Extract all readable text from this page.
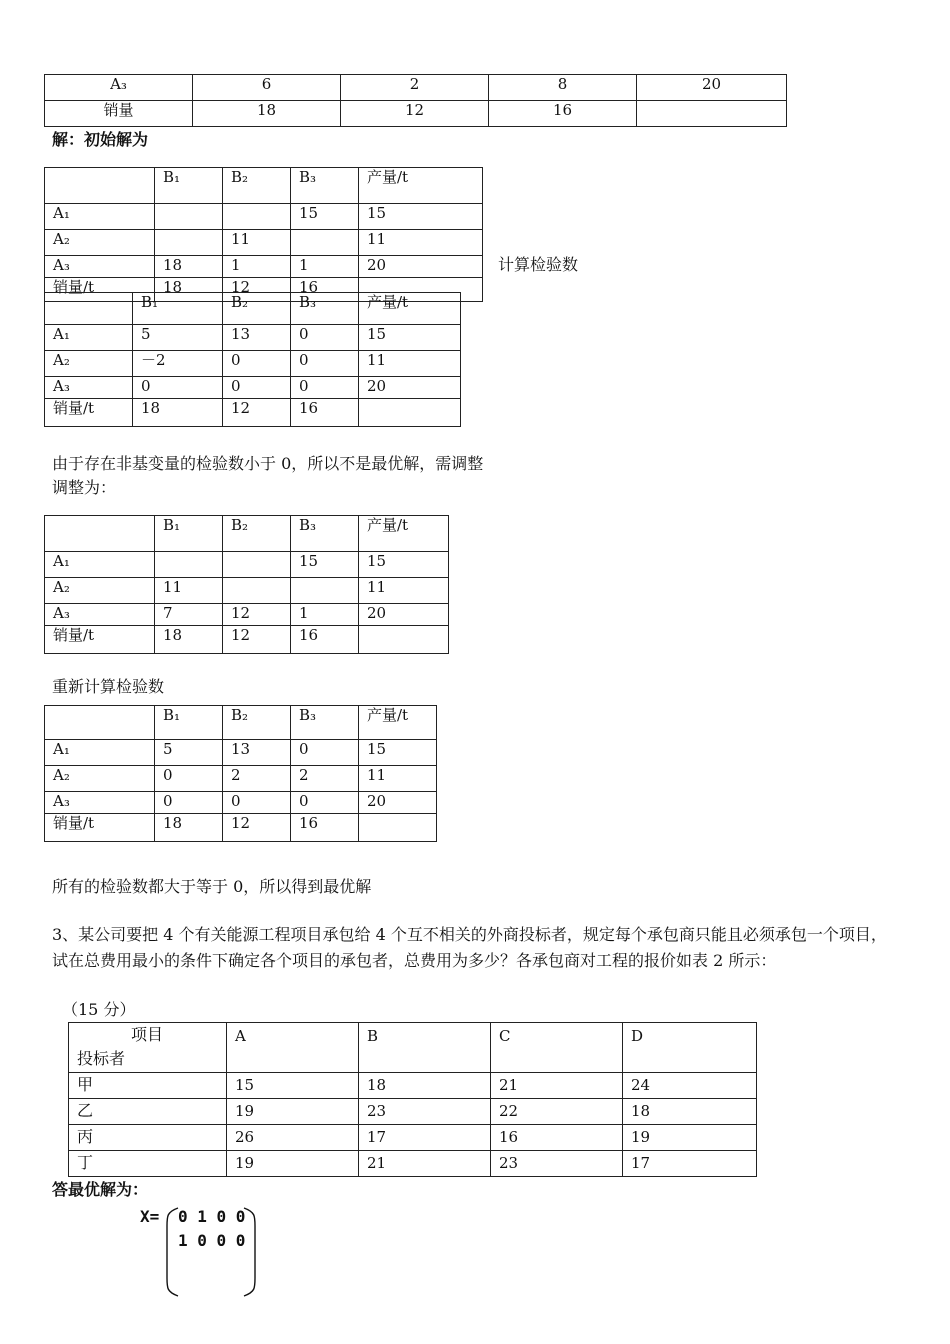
A₃	6	2	8	20
销量	18	12	16	
解：初始解为
	B₁	B₂	B₃	产量/t
A₁			15	15
A₂		11		11
A₃	18	1	1	20
销量/t	18	12	16	
计算检验数
	B₁	B₂	B₃	产量/t
A₁	5	13	0	15
A₂	－2	0	0	11
A₃	0	0	0	20
销量/t	18	12	16	
由于存在非基变量的检验数小于 0，所以不是最优解，需调整
调整为：
	B₁	B₂	B₃	产量/t
A₁			15	15
A₂	11			11
A₃	7	12	1	20
销量/t	18	12	16	
重新计算检验数
	B₁	B₂	B₃	产量/t
A₁	5	13	0	15
A₂	0	2	2	11
A₃	0	0	0	20
销量/t	18	12	16	
所有的检验数都大于等于 0，所以得到最优解
3、某公司要把 4 个有关能源工程项目承包给 4 个互不相关的外商投标者，规定每个承包商只能且必须承包一个项目，试在总费用最小的条件下确定各个项目的承包者，总费用为多少？各承包商对工程的报价如表 2 所示：
（15 分）
项目
投标者	A	B	C	D
甲	15	18	21	24
乙	19	23	22	18
丙	26	17	16	19
丁	19	21	23	17
答最优解为：
X= 0 1 0 0
1 0 0 0
